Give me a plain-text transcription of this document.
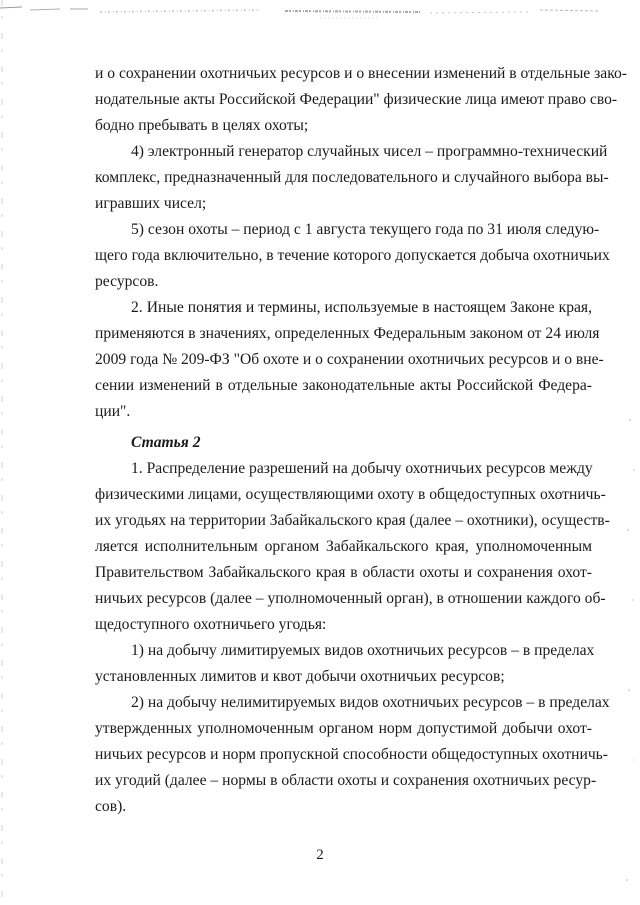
и о сохранении охотничьих ресурсов и о внесении изменений в отдельные зако-
нодательные акты Российской Федерации" физические лица имеют право сво-
бодно пребывать в целях охоты;
4) электронный генератор случайных чисел – программно-технический
комплекс, предназначенный для последовательного и случайного выбора вы-
игравших чисел;
5) сезон охоты – период с 1 августа текущего года по 31 июля следую-
щего года включительно, в течение которого допускается добыча охотничьих
ресурсов.
2. Иные понятия и термины, используемые в настоящем Законе края,
применяются в значениях, определенных Федеральным законом от 24 июля
2009 года № 209-ФЗ "Об охоте и о сохранении охотничьих ресурсов и о вне-
сении изменений в отдельные законодательные акты Российской Федера-
ции".
Статья 2
1. Распределение разрешений на добычу охотничьих ресурсов между
физическими лицами, осуществляющими охоту в общедоступных охотничь-
их угодьях на территории Забайкальского края (далее – охотники), осуществ-
ляется исполнительным органом Забайкальского края, уполномоченным
Правительством Забайкальского края в области охоты и сохранения охот-
ничьих ресурсов (далее – уполномоченный орган), в отношении каждого об-
щедоступного охотничьего угодья:
1) на добычу лимитируемых видов охотничьих ресурсов – в пределах
установленных лимитов и квот добычи охотничьих ресурсов;
2) на добычу нелимитируемых видов охотничьих ресурсов – в пределах
утвержденных уполномоченным органом норм допустимой добычи охот-
ничьих ресурсов и норм пропускной способности общедоступных охотничь-
их угодий (далее – нормы в области охоты и сохранения охотничьих ресур-
сов).
2
